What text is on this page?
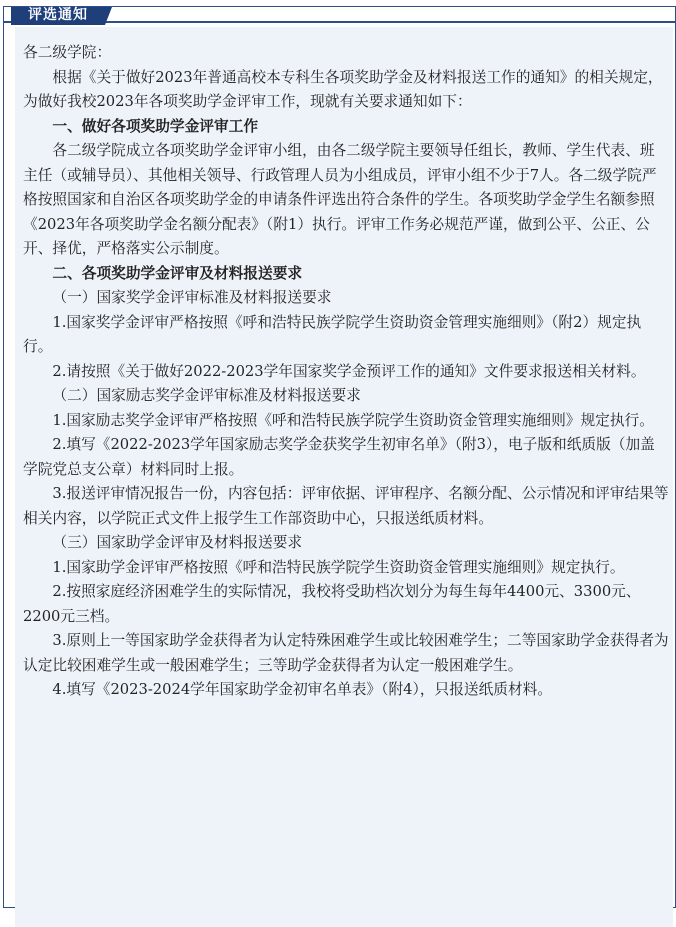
各二级学院：

根据《关于做好2023年普通高校本专科生各项奖助学金及材料报送工作的通知》的相关规定，为做好我校2023年各项奖助学金评审工作，现就有关要求通知如下：

一、做好各项奖助学金评审工作

各二级学院成立各项奖助学金评审小组，由各二级学院主要领导任组长，教师、学生代表、班主任（或辅导员）、其他相关领导、行政管理人员为小组成员，评审小组不少于7人。各二级学院严格按照国家和自治区各项奖助学金的申请条件评选出符合条件的学生。各项奖助学金学生名额参照《2023年各项奖助学金名额分配表》（附1）执行。评审工作务必规范严谨，做到公平、公正、公开、择优，严格落实公示制度。

二、各项奖助学金评审及材料报送要求

（一）国家奖学金评审标准及材料报送要求

1.国家奖学金评审严格按照《呼和浩特民族学院学生资助资金管理实施细则》（附2）规定执行。

2.请按照《关于做好2022-2023学年国家奖学金预评工作的通知》文件要求报送相关材料。

（二）国家励志奖学金评审标准及材料报送要求

1.国家励志奖学金评审严格按照《呼和浩特民族学院学生资助资金管理实施细则》规定执行。

2.填写《2022-2023学年国家励志奖学金获奖学生初审名单》（附3），电子版和纸质版（加盖学院党总支公章）材料同时上报。

3.报送评审情况报告一份，内容包括：评审依据、评审程序、名额分配、公示情况和评审结果等相关内容，以学院正式文件上报学生工作部资助中心，只报送纸质材料。

（三）国家助学金评审及材料报送要求

1.国家助学金评审严格按照《呼和浩特民族学院学生资助资金管理实施细则》规定执行。

2.按照家庭经济困难学生的实际情况，我校将受助档次划分为每生每年4400元、3300元、2200元三档。

3.原则上一等国家助学金获得者为认定特殊困难学生或比较困难学生；二等国家助学金获得者为认定比较困难学生或一般困难学生；三等助学金获得者为认定一般困难学生。

4.填写《2023-2024学年国家助学金初审名单表》（附4），只报送纸质材料。

评选通知
